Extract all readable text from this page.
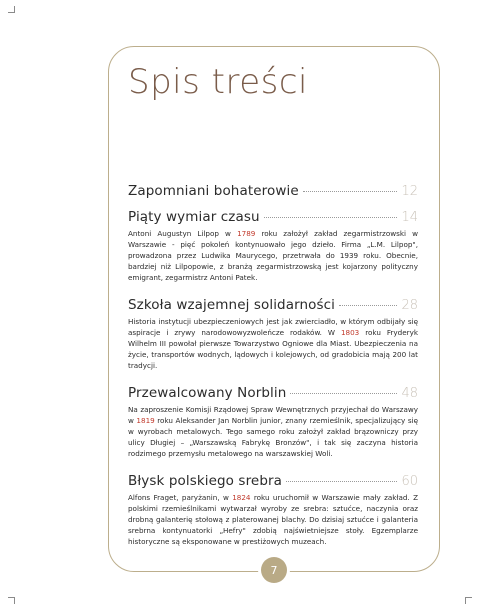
Spis treści
Zapomniani bohaterowie	12
Piąty wymiar czasu	14
Antoni Augustyn Lilpop w 1789 roku założył zakład zegarmistrzowski w Warszawie - pięć pokoleń kontynuowało jego dzieło. Firma „L.M. Lilpop", prowadzona przez Ludwika Maurycego, przetrwała do 1939 roku. Obecnie, bardziej niż Lilpopowie, z branżą zegarmistrzowską jest kojarzony polityczny emigrant, zegarmistrz Antoni Patek.
Szkoła wzajemnej solidarności	28
Historia instytucji ubezpieczeniowych jest jak zwierciadło, w którym odbijały się aspiracje i zrywy narodowowyzwoleńcze rodaków. W 1803 roku Fryderyk Wilhelm III powołał pierwsze Towarzystwo Ogniowe dla Miast. Ubezpieczenia na życie, transportów wodnych, lądowych i kolejowych, od gradobicia mają 200 lat tradycji.
Przewalcowany Norblin	48
Na zaproszenie Komisji Rządowej Spraw Wewnętrznych przyjechał do Warszawy w 1819 roku Aleksander Jan Norblin junior, znany rzemieślnik, specjalizujący się w wyrobach metalowych. Tego samego roku założył zakład brązowniczy przy ulicy Długiej – „Warszawską Fabrykę Bronzów", i tak się zaczyna historia rodzimego przemysłu metalowego na warszawskiej Woli.
Błysk polskiego srebra	60
Alfons Fraget, paryżanin, w 1824 roku uruchomił w Warszawie mały zakład. Z polskimi rzemieślnikami wytwarzał wyroby ze srebra: sztućce, naczynia oraz drobną galanterię stołową z platerowanej blachy. Do dzisiaj sztućce i galanteria srebrna kontynuatorki „Hefry" zdobią najświetniejsze stoły. Egzemplarze historyczne są eksponowane w prestiżowych muzeach.
7
